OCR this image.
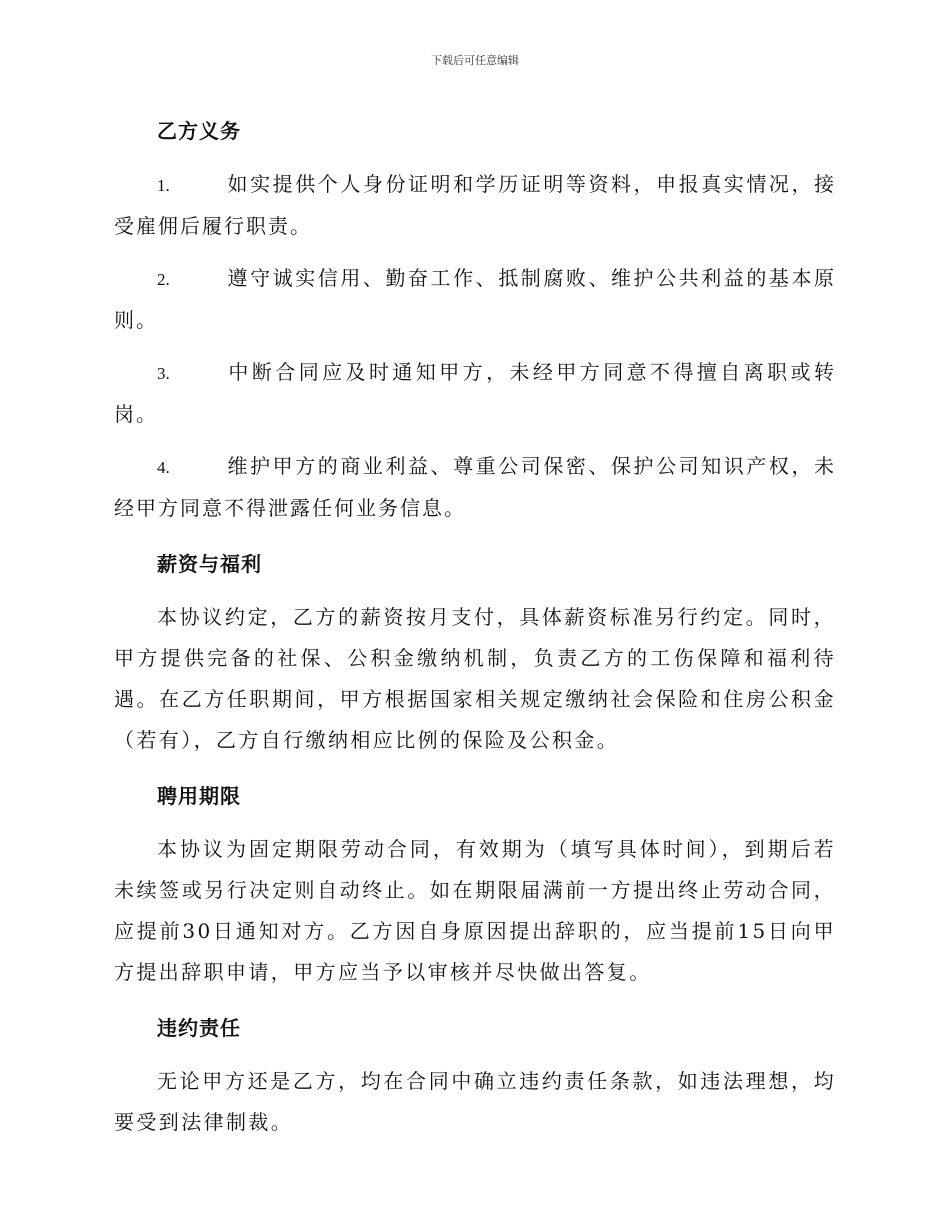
下载后可任意编辑
乙方义务

1.	如实提供个人身份证明和学历证明等资料，申报真实情况，接受雇佣后履行职责。

2.	遵守诚实信用、勤奋工作、抵制腐败、维护公共利益的基本原则。

3.	中断合同应及时通知甲方，未经甲方同意不得擅自离职或转岗。

4.	维护甲方的商业利益、尊重公司保密、保护公司知识产权，未经甲方同意不得泄露任何业务信息。

薪资与福利

本协议约定，乙方的薪资按月支付，具体薪资标准另行约定。同时，甲方提供完备的社保、公积金缴纳机制，负责乙方的工伤保障和福利待遇。在乙方任职期间，甲方根据国家相关规定缴纳社会保险和住房公积金（若有），乙方自行缴纳相应比例的保险及公积金。

聘用期限

本协议为固定期限劳动合同，有效期为（填写具体时间），到期后若未续签或另行决定则自动终止。如在期限届满前一方提出终止劳动合同，应提前30日通知对方。乙方因自身原因提出辞职的，应当提前15日向甲方提出辞职申请，甲方应当予以审核并尽快做出答复。

违约责任

无论甲方还是乙方，均在合同中确立违约责任条款，如违法理想，均要受到法律制裁。
